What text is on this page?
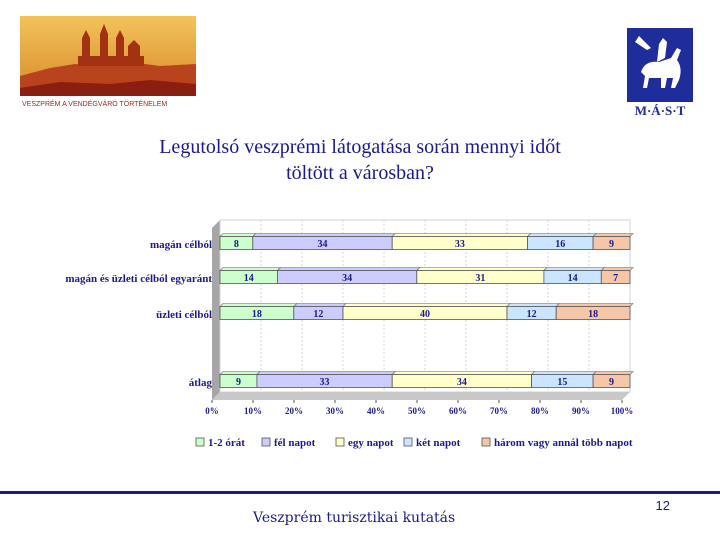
VESZPRÉM A VENDÉGVÁRÓ TÖRTÉNELEM	M·Á·S·T
Legutolsó veszprémi látogatása során mennyi időt
töltött a városban?
0%	10%	20%	30%	40%	50%	60%	70%	80%	90% 100%
magán célból 8	34	33	16	9
magán és üzleti célból egyaránt	14	34	31	14	7
üzleti célból	18	12	40	12	18
átlag 9	33	34	15	9
1-2 órát	fél napot	egy napot két napot	három vagy annál több napot
Veszprém turisztikai kutatás
12
